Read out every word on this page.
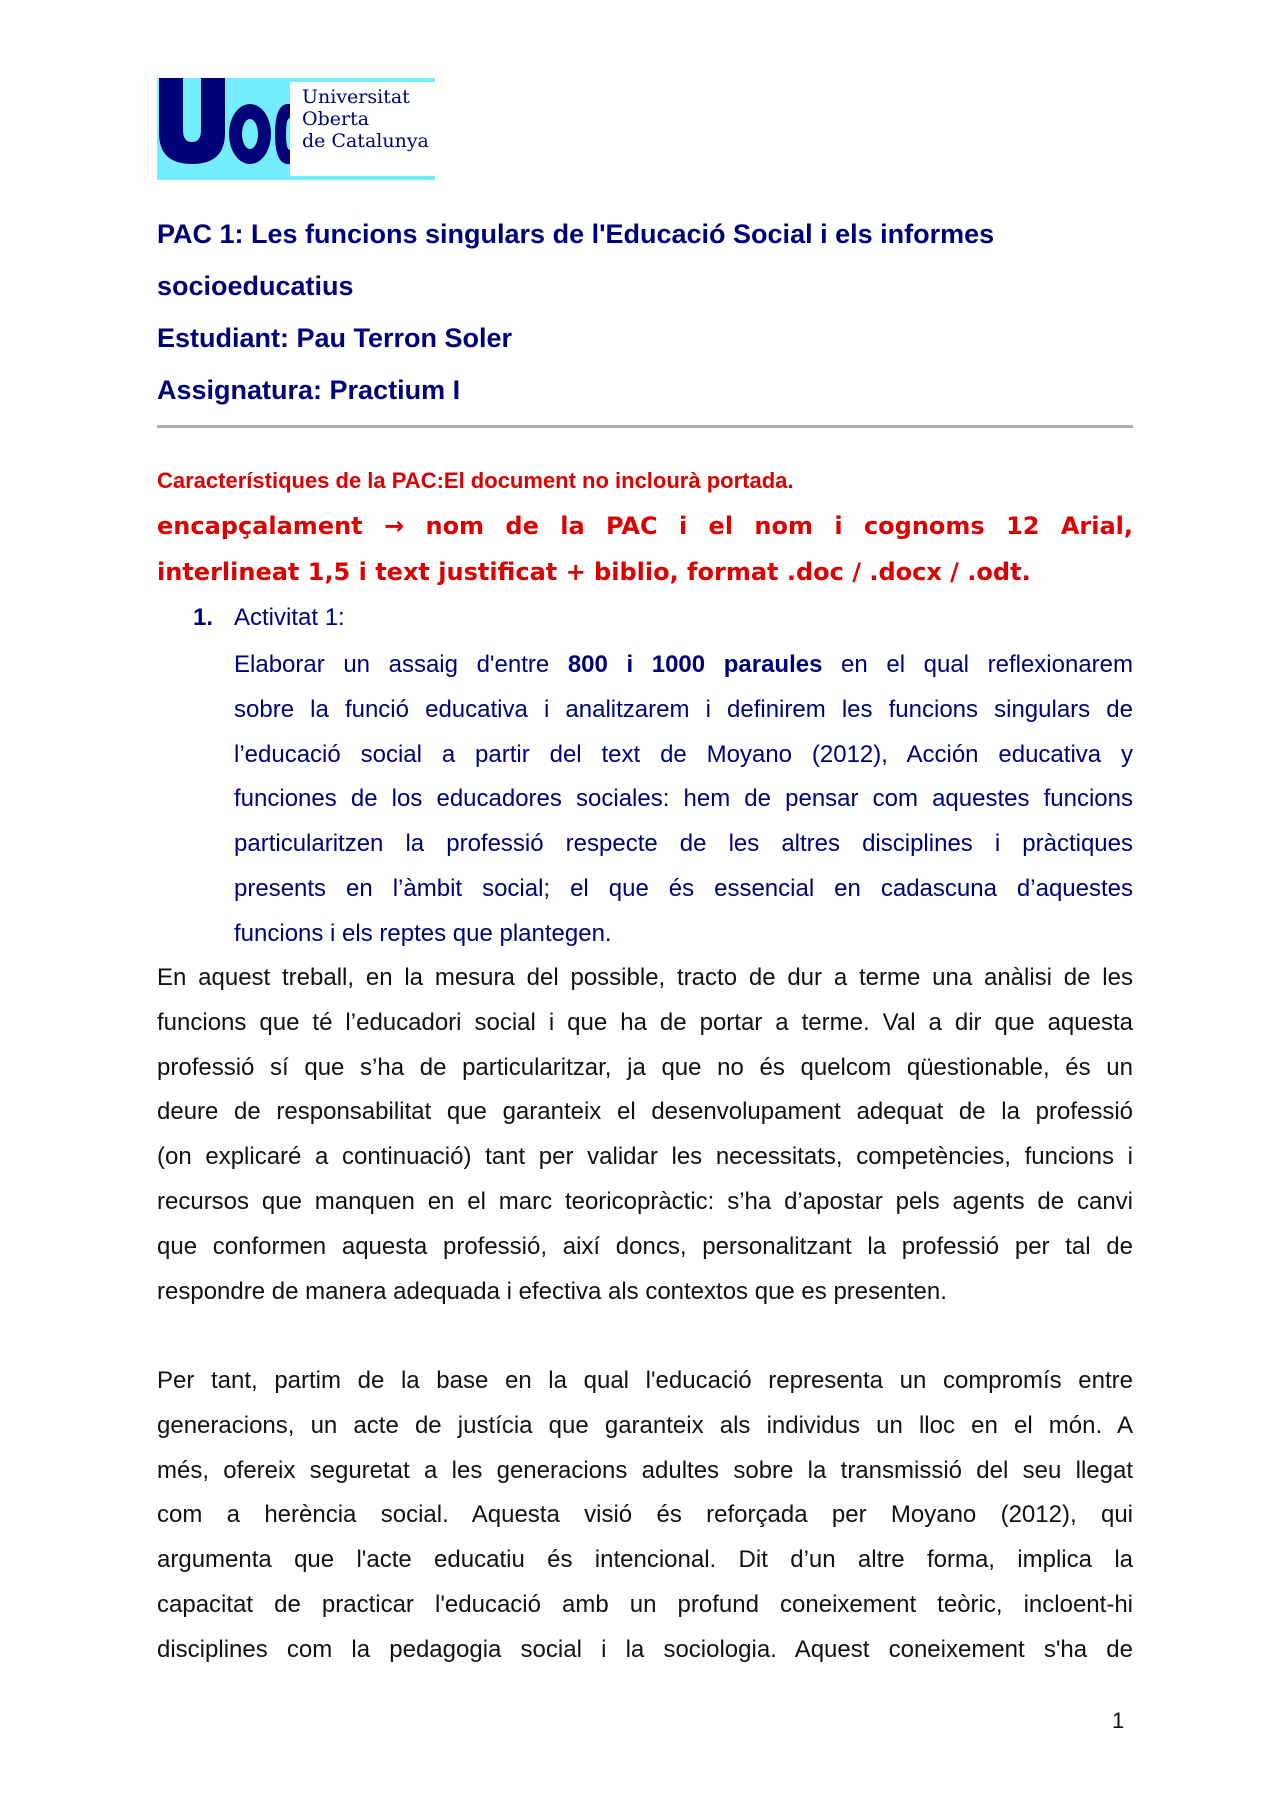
Universitat
Oberta
de Catalunya
PAC 1: Les funcions singulars de l'Educació Social i els informes
socioeducatius
Estudiant: Pau Terron Soler
Assignatura: Practium I
Característiques de la PAC:El document no inclourà portada.
encapçalament → nom de la PAC i el nom i cognoms 12 Arial,
interlineat 1,5 i text justificat + biblio, format .doc / .docx / .odt.
1. Activitat 1:
Elaborar un assaig d'entre 800 i 1000 paraules en el qual reflexionarem
sobre la funció educativa i analitzarem i definirem les funcions singulars de
l’educació social a partir del text de Moyano (2012), Acción educativa y
funciones de los educadores sociales: hem de pensar com aquestes funcions
particularitzen la professió respecte de les altres disciplines i pràctiques
presents en l’àmbit social; el que és essencial en cadascuna d’aquestes
funcions i els reptes que plantegen.
En aquest treball, en la mesura del possible, tracto de dur a terme una anàlisi de les
funcions que té l’educadori social i que ha de portar a terme. Val a dir que aquesta
professió sí que s’ha de particularitzar, ja que no és quelcom qüestionable, és un
deure de responsabilitat que garanteix el desenvolupament adequat de la professió
(on explicaré a continuació) tant per validar les necessitats, competències, funcions i
recursos que manquen en el marc teoricopràctic: s’ha d’apostar pels agents de canvi
que conformen aquesta professió, així doncs, personalitzant la professió per tal de
respondre de manera adequada i efectiva als contextos que es presenten.
Per tant, partim de la base en la qual l'educació representa un compromís entre
generacions, un acte de justícia que garanteix als individus un lloc en el món. A
més, ofereix seguretat a les generacions adultes sobre la transmissió del seu llegat
com a herència social. Aquesta visió és reforçada per Moyano (2012), qui
argumenta que l'acte educatiu és intencional. Dit d’un altre forma, implica la
capacitat de practicar l'educació amb un profund coneixement teòric, incloent-hi
disciplines com la pedagogia social i la sociologia. Aquest coneixement s'ha de
1
